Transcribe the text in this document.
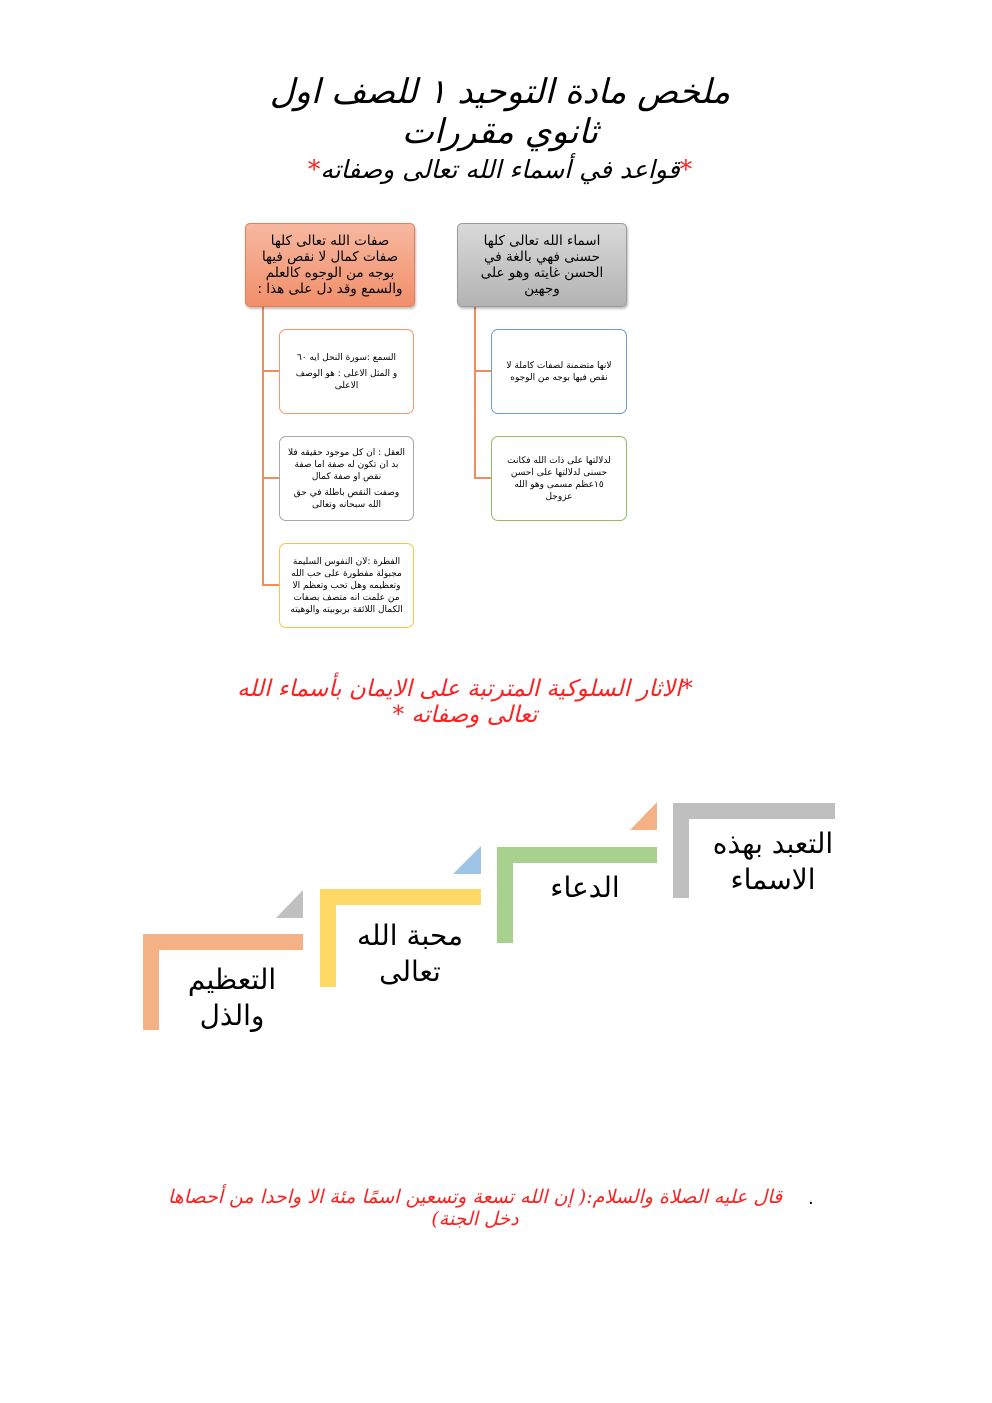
ملخص مادة التوحيد ١ للصف اول ثانوي مقررات
*قواعد في أسماء الله تعالى وصفاته*
صفات الله تعالى كلها صفات كمال لا نقص فيها بوجه من الوجوه كالعلم والسمع وقد دل على هذا :
اسماء الله تعالى كلها حسنى فهي بالغة في الحسن غايته وهو على وجهين

السمع :سورة النحل ايه ٦٠

و المثل الاعلى : هو الوصف الاعلى

العقل : ان كل موجود حقيقه فلا بد ان تكون له صفة اما صفة نقص او صفة كمال

وصفت النقص باطلة في حق الله سبحانه وتعالى

الفطرة :لان النفوس السليمة مجبولة مفطورة على حب الله وتعظيمه وهل تحب وتعظم الا من علمت انه متصف بصفات الكمال اللائقة بربوبيته والوهيته

لانها متضمنة لصفات كاملة لا نقص فيها بوجه من الوجوه

لدلالتها على ذات الله فكانت حسنى لدلالتها على احسن ١٥عظم مسمى وهو الله عزوجل

*الاثار السلوكية المترتبة على الايمان بأسماء الله تعالى وصفاته *
التعبد بهذه الاسماء
الدعاء
محبة الله تعالى
التعظيم والذل
قال عليه الصلاة والسلام:( إن الله تسعة وتسعين اسمًا مئة الا واحدا من أحصاها دخل الجنة)
.
